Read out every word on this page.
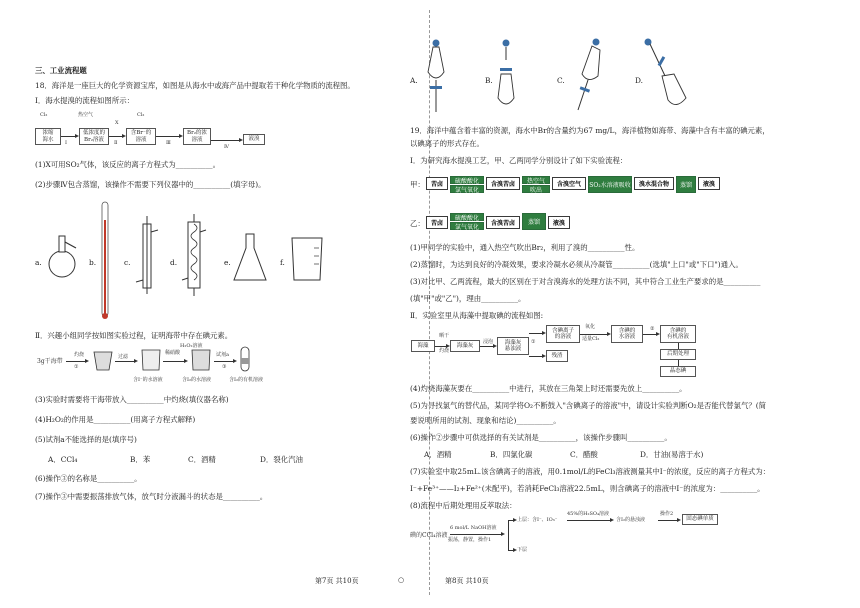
三、工业流程题
18．海洋是一座巨大的化学资源宝库，如图是从海水中或海产品中提取若干种化学物质的流程图。
Ⅰ．海水提溴的流程如图所示：
Cl₂	热空气
X
Cl₂
浓缩
海水
低浓度的
Br₂溶液
含Br⁻的
溶液
Br₂的浓
溶液	液溴
Ⅰ	Ⅱ	Ⅲ
Ⅳ
(1)X可用SO₂气体，该反应的离子方程式为__________。
(2)步骤Ⅳ包含蒸馏，该操作不需要下列仪器中的__________(填字母)。
a.	b.	c.	d.	e.	f.
Ⅱ．兴趣小组同学按如图实验过程，证明海带中存在碘元素。
3g干海带
灼烧
①
过滤
稀硝酸
H₂O₂溶液
试剂a
③
含I⁻的水溶液	含I₂的水溶液	含I₂的有机溶液
(3)实验时需要将干海带放入__________中灼烧(填仪器名称)
(4)H₂O₂的作用是__________(用离子方程式解释)
(5)试剂a不能选择的是(填序号)
A．CCl₄	B．苯	C．酒精	D．裂化汽油
(6)操作③的名称是__________。
(7)操作③中需要振荡排放气体，放气时分液漏斗的状态是__________。
第7页 共10页	○
A.	B.	C.	D.
19．海洋中蕴含着丰富的资源，海水中Br的含量约为67 mg/L，海洋植物如海带、海藻中含有丰富的碘元素，
以碘离子的形式存在。
I．为研究海水提溴工艺，甲、乙两同学分别设计了如下实验流程：
甲：	苦卤	硫酸酸化
氯气氧化
含溴苦卤	热空气
吹出
含溴空气	SO₂水溶液吸收	溴水混合物	蒸馏	液溴
乙：	苦卤
硫酸酸化
氯气氧化	含溴苦卤	蒸馏	液溴
(1)甲同学的实验中，通入热空气吹出Br₂，利用了溴的__________性。
(2)蒸馏时，为达到良好的冷凝效果，要求冷凝水必须从冷凝管__________(选填"上口"或"下口")通入。
(3)对比甲、乙两流程，最大的区别在于对含溴海水的处理方法不同，其中符合工业生产要求的是__________
(填"甲"或"乙")，理由__________。
Ⅱ．实验室里从海藻中提取碘的流程如图:
海藻
晒干
灼烧
海藻灰
浸泡	海藻灰
悬浊液
①
含碘离子
的溶液
残渣
氧化
适量Cl₂
含碘的
水溶液
②	含碘的
有机溶液
后期处理
晶态碘
(4)灼烧海藻灰要在__________中进行，其放在三角架上时还需要先放上__________。
(5)为寻找氯气的替代品，某同学将O₂不断鼓入"含碘离子的溶液"中，请设计实验判断O₂是否能代替氯气？(简
要说明所用的试剂、现象和结论)__________。
(6)操作②步骤中可供选择的有关试剂是__________，该操作步骤叫__________。
A．酒精	B．四氯化碳	C．醋酸	D．甘油(易溶于水)
(7)实验室中取25mL.该含碘离子的溶液，用0.1mol/L的FeCl₃溶液测量其中I⁻的浓度，反应的离子方程式为：
I⁻+Fe³⁺——I₂+Fe²⁺(未配平)，若消耗FeCl₃溶液22.5mL，则含碘离子的溶液中I⁻的浓度为：__________。
(8)流程中后期处理用反萃取法：
碘的CCl₄溶液
6 mol/L NaOH溶液
振荡，静置，操作1
上层：含I⁻、IO₃⁻
下层
45%的H₂SO₄溶液
含I₂的悬浊液
操作2
固态碘单质
第8页 共10页
